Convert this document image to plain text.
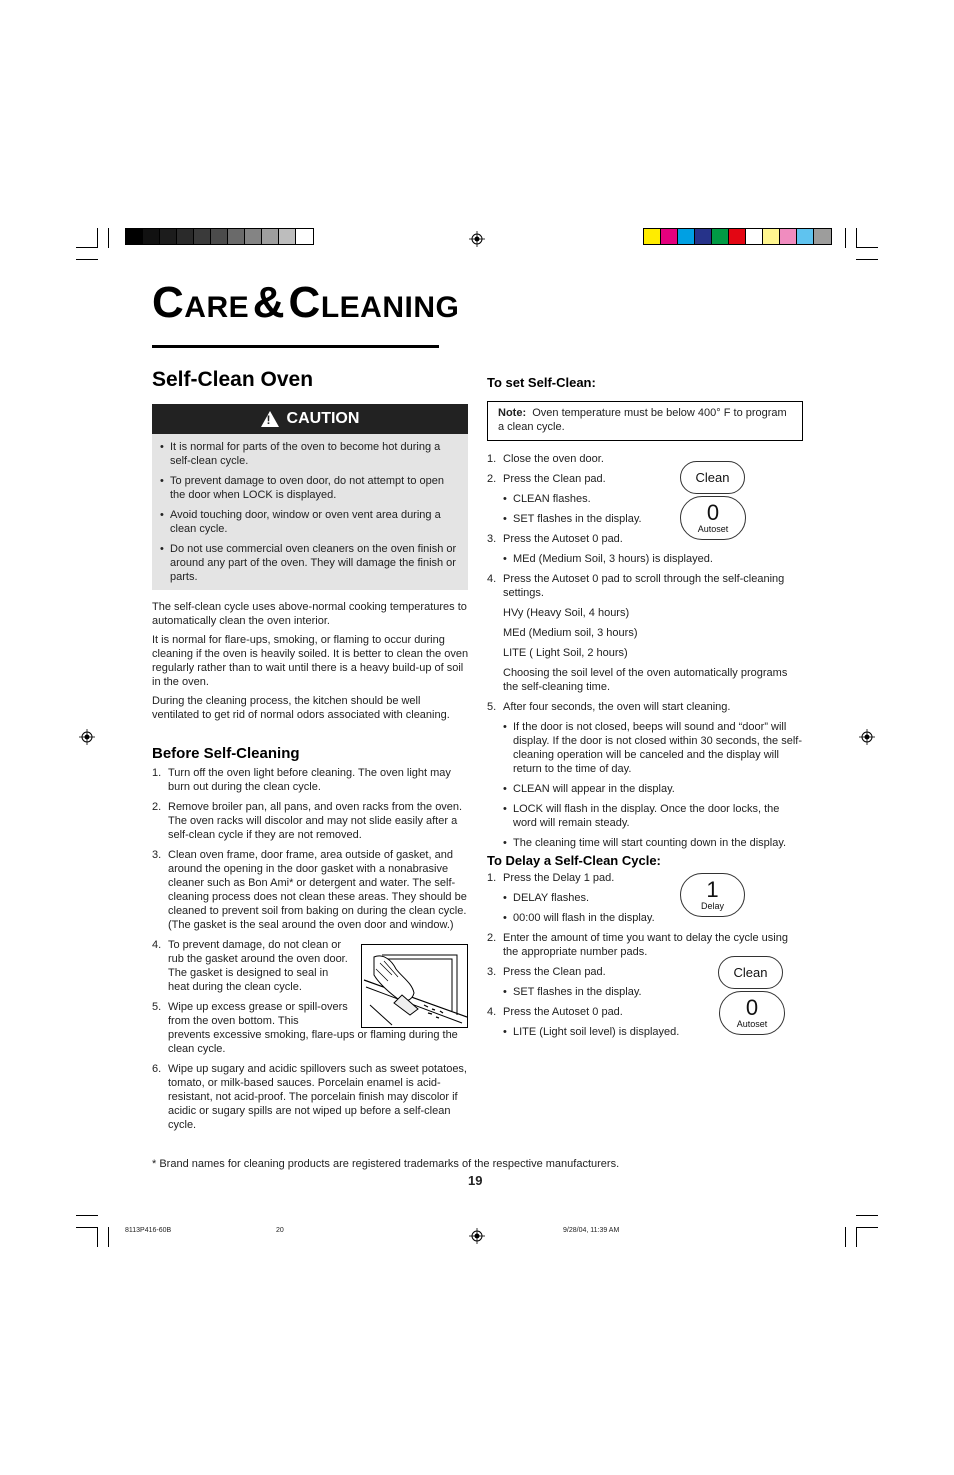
CARE & CLEANING
Self-Clean Oven
!
CAUTION
• It is normal for parts of the oven to become hot during a self-clean cycle.
• To prevent damage to oven door, do not attempt to open the door when LOCK is displayed.
• Avoid touching door, window or oven vent area during a clean cycle.
• Do not use commercial oven cleaners on the oven finish or around any part of the oven. They will damage the finish or parts.

The self-clean cycle uses above-normal cooking temperatures to automatically clean the oven interior.

It is normal for flare-ups, smoking, or flaming to occur during cleaning if the oven is heavily soiled. It is better to clean the oven regularly rather than to wait until there is a heavy build-up of soil in the oven.

During the cleaning process, the kitchen should be well ventilated to get rid of normal odors associated with cleaning.

Before Self-Cleaning
1. Turn off the oven light before cleaning. The oven light may burn out during the clean cycle.
2. Remove broiler pan, all pans, and oven racks from the oven. The oven racks will discolor and may not slide easily after a self-clean cycle if they are not removed.
3. Clean oven frame, door frame, area outside of gasket, and around the opening in the door gasket with a nonabrasive cleaner such as Bon Ami* or detergent and water. The self-cleaning process does not clean these areas. They should be cleaned to prevent soil from baking on during the clean cycle. (The gasket is the seal around the oven door and window.)
4. To prevent damage, do not clean or rub the gasket around the oven door. The gasket is designed to seal in heat during the clean cycle.
5. Wipe up excess grease or spill-overs from the oven bottom. This
prevents excessive smoking, flare-ups or flaming during the clean cycle.
6. Wipe up sugary and acidic spillovers such as sweet potatoes, tomato, or milk-based sauces. Porcelain enamel is acid-resistant, not acid-proof. The porcelain finish may discolor if acidic or sugary spills are not wiped up before a self-clean cycle.
To set Self-Clean:
Note: Oven temperature must be below 400° F to program a clean cycle.
1. Close the oven door.
2. Press the Clean pad.
• CLEAN flashes.
• SET flashes in the display.
3. Press the Autoset 0 pad.
• MEd (Medium Soil, 3 hours) is displayed.
4. Press the Autoset 0 pad to scroll through the self-cleaning settings.
HVy (Heavy Soil, 4 hours)
MEd (Medium soil, 3 hours)
LITE ( Light Soil, 2 hours)
Choosing the soil level of the oven automatically programs the self-cleaning time.
5. After four seconds, the oven will start cleaning.
• If the door is not closed, beeps will sound and “door” will display. If the door is not closed within 30 seconds, the self-cleaning operation will be canceled and the display will return to the time of day.
• CLEAN will appear in the display.
• LOCK will flash in the display. Once the door locks, the word will remain steady.
• The cleaning time will start counting down in the display.
Clean
0
Autoset
To Delay a Self-Clean Cycle:
1. Press the Delay 1 pad.
• DELAY flashes.
• 00:00 will flash in the display.
2. Enter the amount of time you want to delay the cycle using the appropriate number pads.
3. Press the Clean pad.
• SET flashes in the display.
4. Press the Autoset 0 pad.
• LITE (Light soil level) is displayed.
1
Delay
Clean
0
Autoset
* Brand names for cleaning products are registered trademarks of the respective manufacturers.
19
8113P416-60B	20	9/28/04, 11:39 AM
